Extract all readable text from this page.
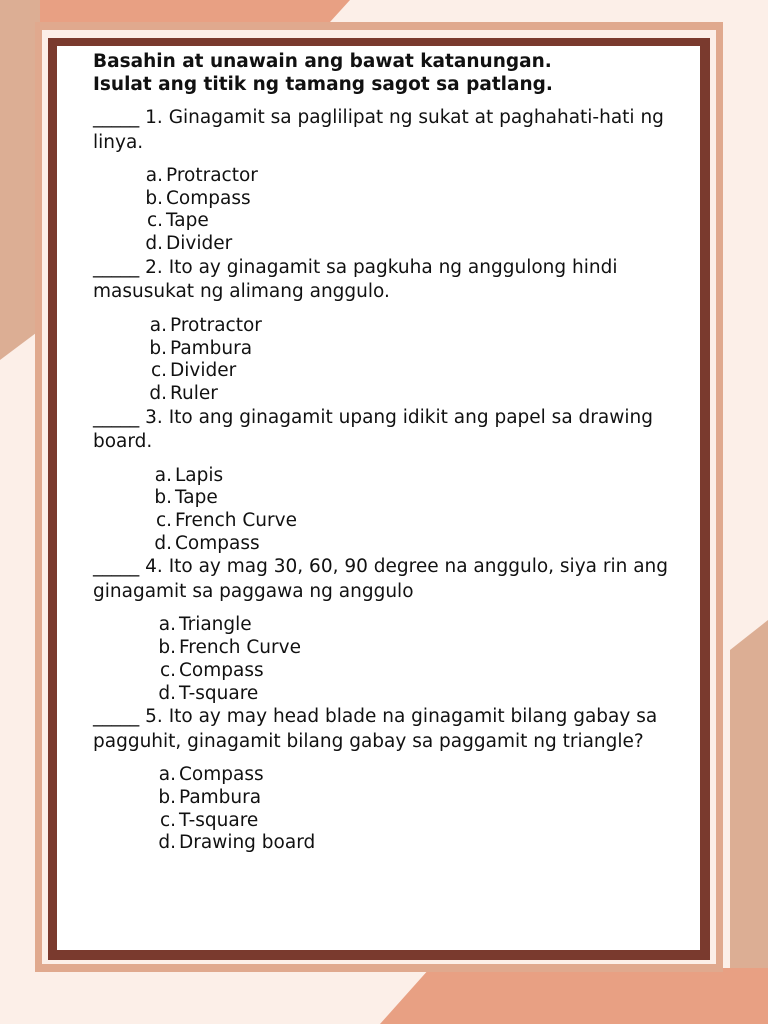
Basahin at unawain ang bawat katanungan.
Isulat ang titik ng tamang sagot sa patlang.

_____ 1. Ginagamit sa paglilipat ng sukat at paghahati-hati ng linya.

a. Protractor
b. Compass
c. Tape
d. Divider

_____ 2. Ito ay ginagamit sa pagkuha ng anggulong hindi masusukat ng alimang anggulo.

a. Protractor
b. Pambura
c. Divider
d. Ruler

_____ 3. Ito ang ginagamit upang idikit ang papel sa drawing board.

a. Lapis
b. Tape
c. French Curve
d. Compass

_____ 4. Ito ay mag 30, 60, 90 degree na anggulo, siya rin ang ginagamit sa paggawa ng anggulo

a. Triangle
b. French Curve
c. Compass
d. T-square

_____ 5. Ito ay may head blade na ginagamit bilang gabay sa pagguhit, ginagamit bilang gabay sa paggamit ng triangle?

a. Compass
b. Pambura
c. T-square
d. Drawing board
